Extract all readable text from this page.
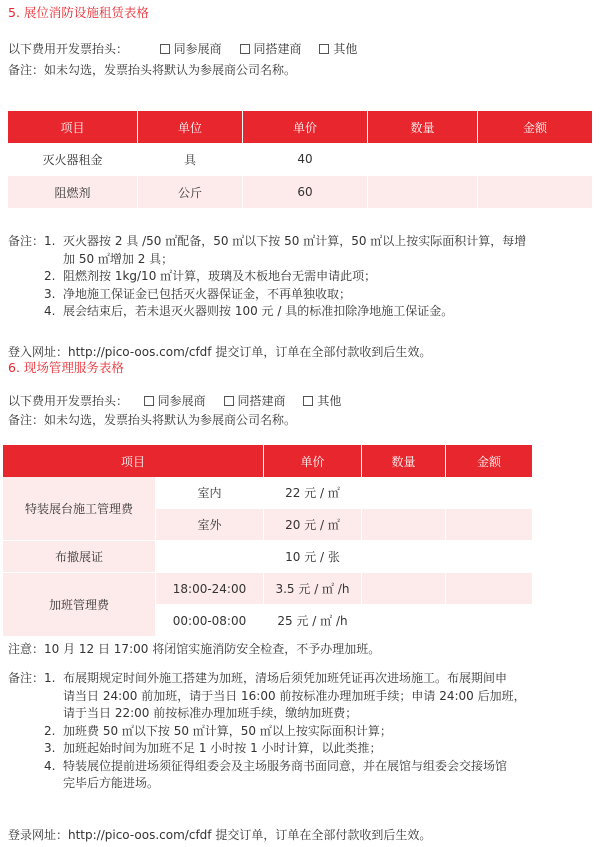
5. 展位消防设施租赁表格
以下费用开发票抬头：	同参展商	同搭建商	其他
备注：如未勾选，发票抬头将默认为参展商公司名称。
项目	单位	单价	数量	金额
灭火器租金	具	40		
阻燃剂	公斤	60		
备注： 1. 灭火器按 2 具 /50 ㎡配备，50 ㎡以下按 50 ㎡计算，50 ㎡以上按实际面积计算，每增
加 50 ㎡增加 2 具；
2. 阻燃剂按 1kg/10 ㎡计算，玻璃及木板地台无需申请此项；
3. 净地施工保证金已包括灭火器保证金，不再单独收取；
4. 展会结束后，若未退灭火器则按 100 元 / 具的标准扣除净地施工保证金。
登入网址：http://pico-oos.com/cfdf 提交订单，订单在全部付款收到后生效。
6. 现场管理服务表格
以下费用开发票抬头： 同参展商	同搭建商	其他
备注：如未勾选，发票抬头将默认为参展商公司名称。
项目		单价	数量	金额
特装展台施工管理费	室内	22 元 / ㎡		
	室外	20 元 / ㎡		
布撤展证		10 元 / 张		
加班管理费	18:00-24:00	3.5 元 / ㎡ /h		
	00:00-08:00	25 元 / ㎡ /h		
注意：10 月 12 日 17:00 将闭馆实施消防安全检查，不予办理加班。
备注： 1. 布展期规定时间外施工搭建为加班，清场后须凭加班凭证再次进场施工。布展期间申
请当日 24:00 前加班，请于当日 16:00 前按标准办理加班手续；申请 24:00 后加班，
请于当日 22:00 前按标准办理加班手续，缴纳加班费；
2. 加班费 50 ㎡以下按 50 ㎡计算，50 ㎡以上按实际面积计算；
3. 加班起始时间为加班不足 1 小时按 1 小时计算，以此类推；
4. 特装展位提前进场须征得组委会及主场服务商书面同意，并在展馆与组委会交接场馆
完毕后方能进场。
登录网址：http://pico-oos.com/cfdf 提交订单，订单在全部付款收到后生效。
